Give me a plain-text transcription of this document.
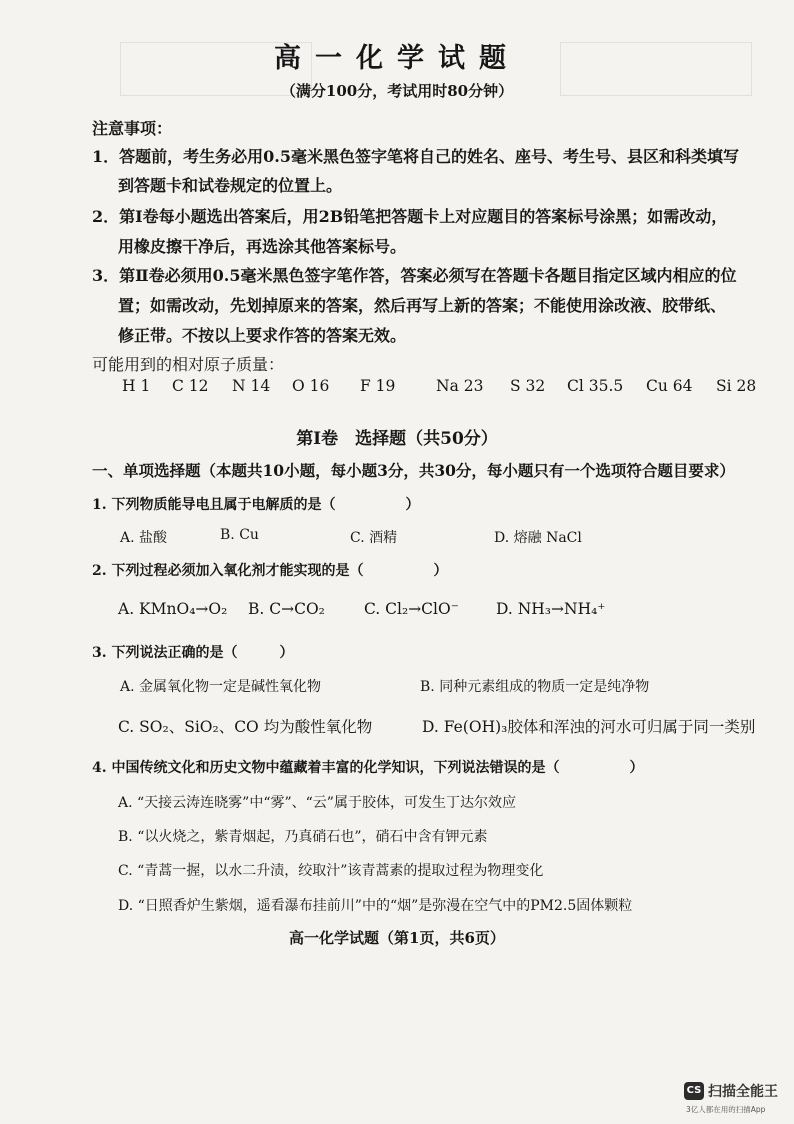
高一化学试题
（满分100分，考试用时80分钟）
注意事项：
1．答题前，考生务必用0.5毫米黑色签字笔将自己的姓名、座号、考生号、县区和科类填写
到答题卡和试卷规定的位置上。
2．第Ⅰ卷每小题选出答案后，用2B铅笔把答题卡上对应题目的答案标号涂黑；如需改动，
用橡皮擦干净后，再选涂其他答案标号。
3．第Ⅱ卷必须用0.5毫米黑色签字笔作答，答案必须写在答题卡各题目指定区域内相应的位
置；如需改动，先划掉原来的答案，然后再写上新的答案；不能使用涂改液、胶带纸、
修正带。不按以上要求作答的答案无效。
可能用到的相对原子质量：
H 1 C 12 N 14 O 16 F 19	Na 23 S 32 Cl 35.5 Cu 64 Si 28
第Ⅰ卷　选择题（共50分）
一、单项选择题（本题共10小题，每小题3分，共30分，每小题只有一个选项符合题目要求）
1. 下列物质能导电且属于电解质的是（　　　　　）
A. 盐酸	B. Cu	C. 酒精	D. 熔融 NaCl
2. 下列过程必须加入氧化剂才能实现的是（　　　　　）
A. KMnO₄→O₂ B. C→CO₂	C. Cl₂→ClO⁻ D. NH₃→NH₄⁺
3. 下列说法正确的是（　　　）
A. 金属氧化物一定是碱性氧化物	B. 同种元素组成的物质一定是纯净物
C. SO₂、SiO₂、CO 均为酸性氧化物	D. Fe(OH)₃胶体和浑浊的河水可归属于同一类别
4. 中国传统文化和历史文物中蕴藏着丰富的化学知识，下列说法错误的是（　　　　　）
A. “天接云涛连晓雾”中“雾”、“云”属于胶体，可发生丁达尔效应
B. “以火烧之，紫青烟起，乃真硝石也”，硝石中含有钾元素
C. “青蒿一握，以水二升渍，绞取汁”该青蒿素的提取过程为物理变化
D. “日照香炉生紫烟，遥看瀑布挂前川”中的“烟”是弥漫在空气中的PM2.5固体颗粒
高一化学试题（第1页，共6页）
CS 扫描全能王
3亿人都在用的扫描App
